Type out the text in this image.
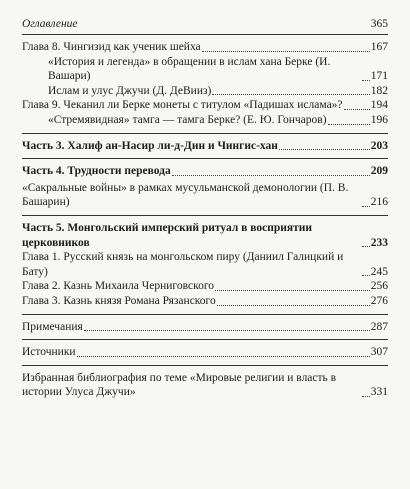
Оглавление	365
Глава 8. Чингизид как ученик шейха	167
«История и легенда» в обращении в ислам хана Берке (И. Вашари)	171
Ислам и улус Джучи (Д. ДеВииз)	182
Глава 9. Чеканил ли Берке монеты с титулом «Падишах ислама»? 194
«Стремявидная» тамга — тамга Берке? (Е. Ю. Гончаров)	196
Часть 3. Халиф ан-Насир ли-д-Дин и Чингис-хан	203
Часть 4. Трудности перевода	209
«Сакральные войны» в рамках мусульманской демонологии (П. В. Башарин)	216
Часть 5. Монгольский имперский ритуал в восприятии церковников	233
Глава 1. Русский князь на монгольском пиру (Даниил Галицкий и Бату)	245
Глава 2. Казнь Михаила Черниговского	256
Глава 3. Казнь князя Романа Рязанского	276
Примечания	287
Источники	307
Избранная библиография по теме «Мировые религии и власть в истории Улуса Джучи»	331
